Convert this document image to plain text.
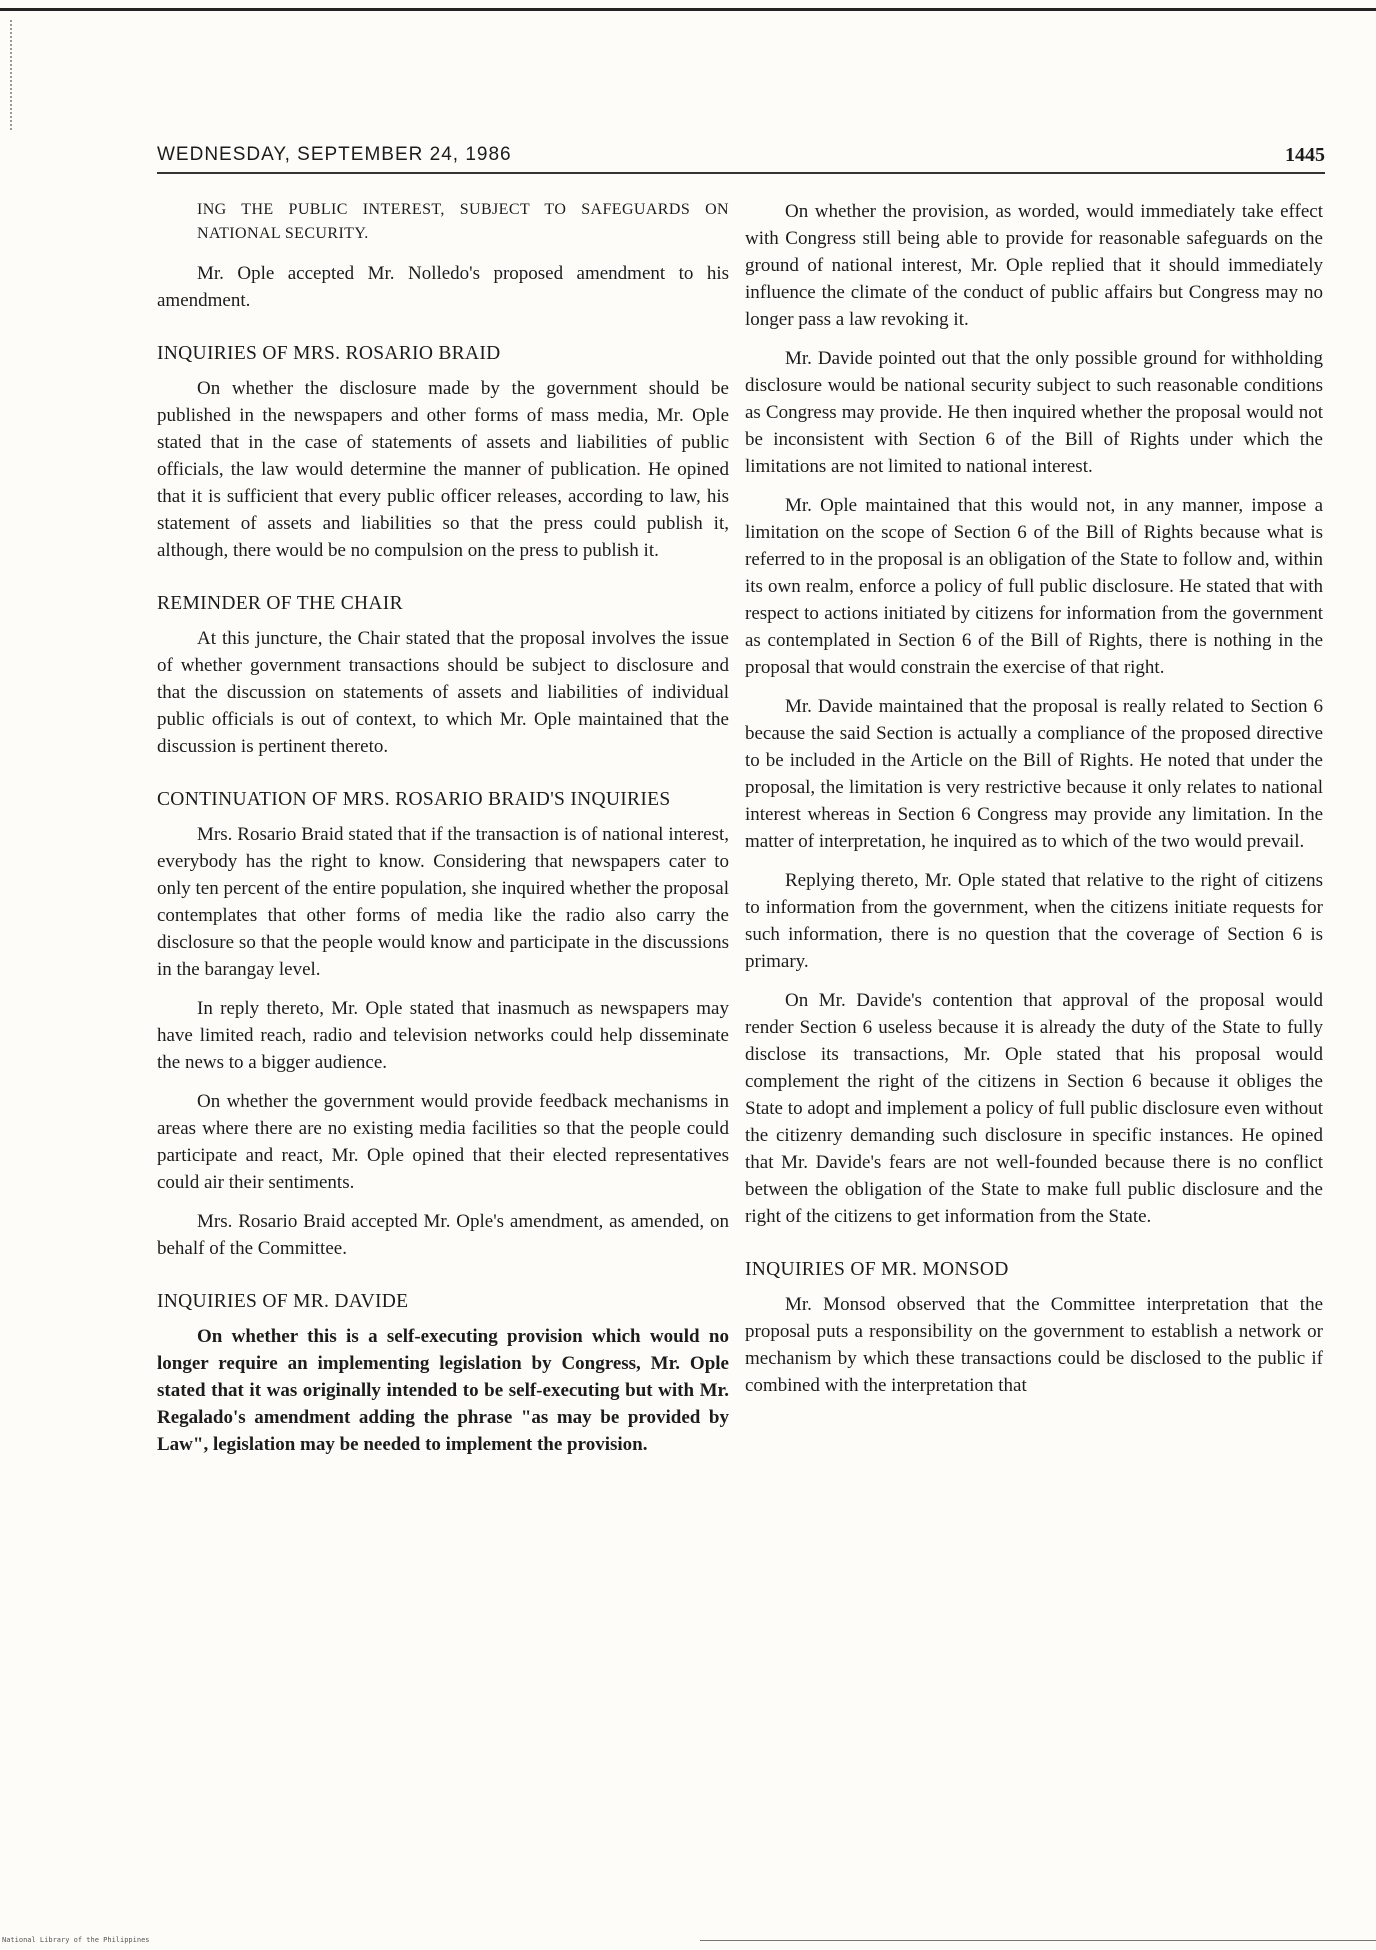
WEDNESDAY, SEPTEMBER 24, 1986	1445

ING THE PUBLIC INTEREST, SUBJECT TO SAFEGUARDS ON NATIONAL SECURITY.

Mr. Ople accepted Mr. Nolledo's proposed amendment to his amendment.

INQUIRIES OF MRS. ROSARIO BRAID

On whether the disclosure made by the government should be published in the newspapers and other forms of mass media, Mr. Ople stated that in the case of statements of assets and liabilities of public officials, the law would determine the manner of publication. He opined that it is sufficient that every public officer releases, according to law, his statement of assets and liabilities so that the press could publish it, although, there would be no compulsion on the press to publish it.

REMINDER OF THE CHAIR

At this juncture, the Chair stated that the proposal involves the issue of whether government transactions should be subject to disclosure and that the discussion on statements of assets and liabilities of individual public officials is out of context, to which Mr. Ople maintained that the discussion is pertinent thereto.

CONTINUATION OF MRS. ROSARIO BRAID'S INQUIRIES

Mrs. Rosario Braid stated that if the transaction is of national interest, everybody has the right to know. Considering that newspapers cater to only ten percent of the entire population, she inquired whether the proposal contemplates that other forms of media like the radio also carry the disclosure so that the people would know and participate in the discussions in the barangay level.

In reply thereto, Mr. Ople stated that inasmuch as newspapers may have limited reach, radio and television networks could help disseminate the news to a bigger audience.

On whether the government would provide feedback mechanisms in areas where there are no existing media facilities so that the people could participate and react, Mr. Ople opined that their elected representatives could air their sentiments.

Mrs. Rosario Braid accepted Mr. Ople's amendment, as amended, on behalf of the Committee.

INQUIRIES OF MR. DAVIDE

On whether this is a self-executing provision which would no longer require an implementing legislation by Congress, Mr. Ople stated that it was originally intended to be self-executing but with Mr. Regalado's amendment adding the phrase "as may be provided by Law", legislation may be needed to implement the provision.

On whether the provision, as worded, would immediately take effect with Congress still being able to provide for reasonable safeguards on the ground of national interest, Mr. Ople replied that it should immediately influence the climate of the conduct of public affairs but Congress may no longer pass a law revoking it.

Mr. Davide pointed out that the only possible ground for withholding disclosure would be national security subject to such reasonable conditions as Congress may provide. He then inquired whether the proposal would not be inconsistent with Section 6 of the Bill of Rights under which the limitations are not limited to national interest.

Mr. Ople maintained that this would not, in any manner, impose a limitation on the scope of Section 6 of the Bill of Rights because what is referred to in the proposal is an obligation of the State to follow and, within its own realm, enforce a policy of full public disclosure. He stated that with respect to actions initiated by citizens for information from the government as contemplated in Section 6 of the Bill of Rights, there is nothing in the proposal that would constrain the exercise of that right.

Mr. Davide maintained that the proposal is really related to Section 6 because the said Section is actually a compliance of the proposed directive to be included in the Article on the Bill of Rights. He noted that under the proposal, the limitation is very restrictive because it only relates to national interest whereas in Section 6 Congress may provide any limitation. In the matter of interpretation, he inquired as to which of the two would prevail.

Replying thereto, Mr. Ople stated that relative to the right of citizens to information from the government, when the citizens initiate requests for such information, there is no question that the coverage of Section 6 is primary.

On Mr. Davide's contention that approval of the proposal would render Section 6 useless because it is already the duty of the State to fully disclose its transactions, Mr. Ople stated that his proposal would complement the right of the citizens in Section 6 because it obliges the State to adopt and implement a policy of full public disclosure even without the citizenry demanding such disclosure in specific instances. He opined that Mr. Davide's fears are not well-founded because there is no conflict between the obligation of the State to make full public disclosure and the right of the citizens to get information from the State.

INQUIRIES OF MR. MONSOD

Mr. Monsod observed that the Committee interpretation that the proposal puts a responsibility on the government to establish a network or mechanism by which these transactions could be disclosed to the public if combined with the interpretation that

National Library of the Philippines
